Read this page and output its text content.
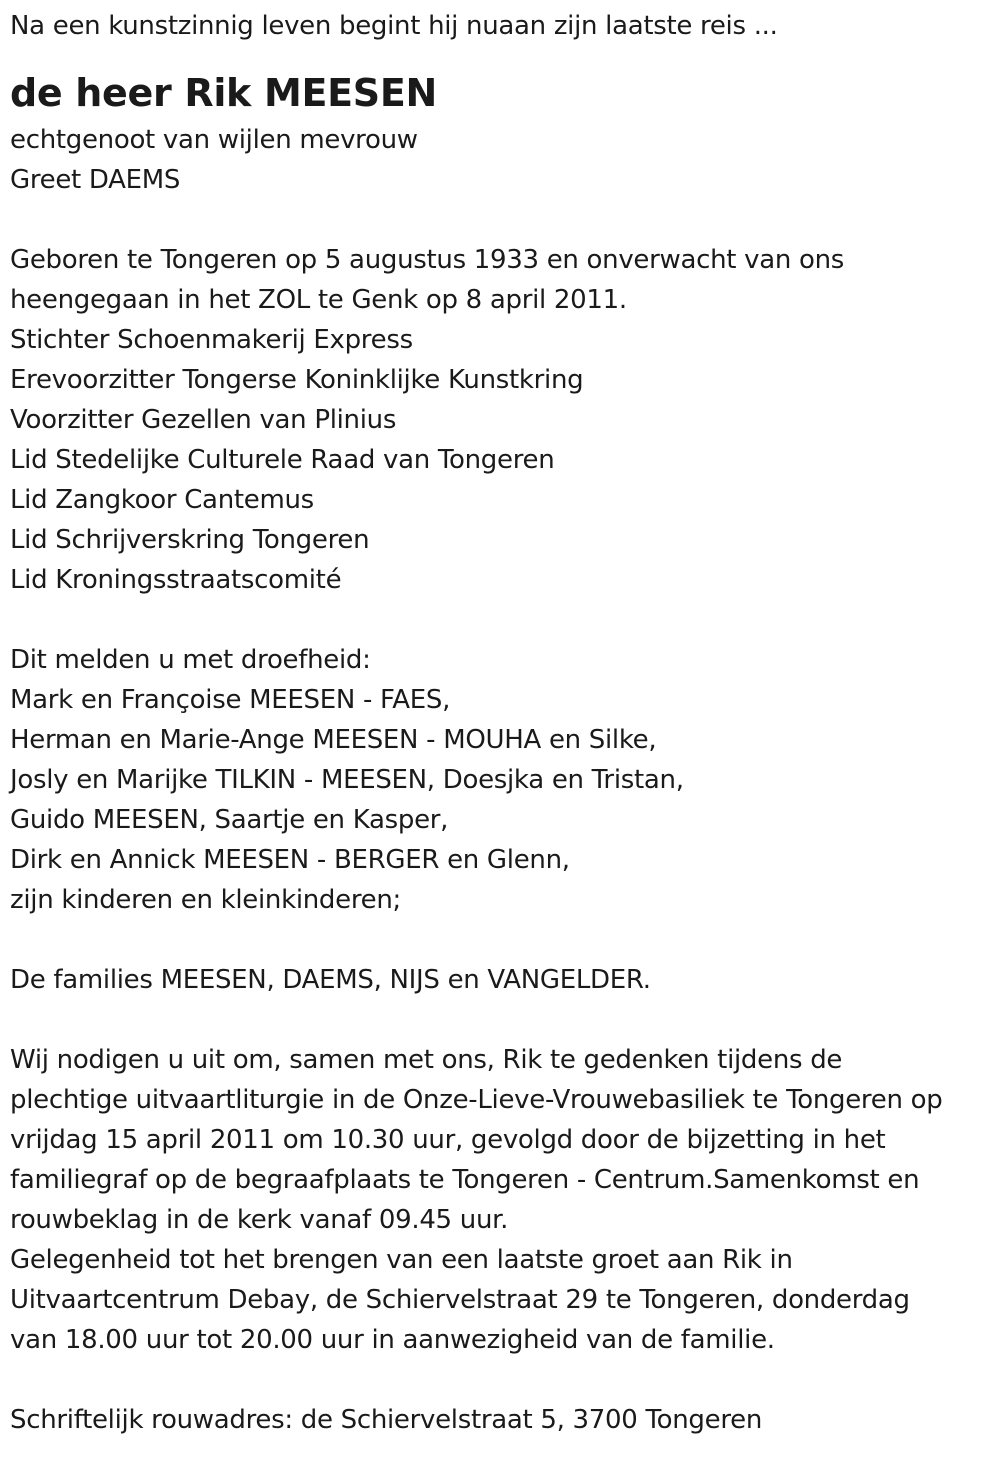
Na een kunstzinnig leven begint hij nuaan zijn laatste reis ...

de heer Rik MEESEN

echtgenoot van wijlen mevrouw

Greet DAEMS

Geboren te Tongeren op 5 augustus 1933 en onverwacht van ons

heengegaan in het ZOL te Genk op 8 april 2011.

Stichter Schoenmakerij Express

Erevoorzitter Tongerse Koninklijke Kunstkring

Voorzitter Gezellen van Plinius

Lid Stedelijke Culturele Raad van Tongeren

Lid Zangkoor Cantemus

Lid Schrijverskring Tongeren

Lid Kroningsstraatscomité

Dit melden u met droefheid:

Mark en Françoise MEESEN - FAES,

Herman en Marie-Ange MEESEN - MOUHA en Silke,

Josly en Marijke TILKIN - MEESEN, Doesjka en Tristan,

Guido MEESEN, Saartje en Kasper,

Dirk en Annick MEESEN - BERGER en Glenn,

zijn kinderen en kleinkinderen;

De families MEESEN, DAEMS, NIJS en VANGELDER.

Wij nodigen u uit om, samen met ons, Rik te gedenken tijdens de

plechtige uitvaartliturgie in de Onze-Lieve-Vrouwebasiliek te Tongeren op

vrijdag 15 april 2011 om 10.30 uur, gevolgd door de bijzetting in het

familiegraf op de begraafplaats te Tongeren - Centrum.Samenkomst en

rouwbeklag in de kerk vanaf 09.45 uur.

Gelegenheid tot het brengen van een laatste groet aan Rik in

Uitvaartcentrum Debay, de Schiervelstraat 29 te Tongeren, donderdag

van 18.00 uur tot 20.00 uur in aanwezigheid van de familie.

Schriftelijk rouwadres: de Schiervelstraat 5, 3700 Tongeren
